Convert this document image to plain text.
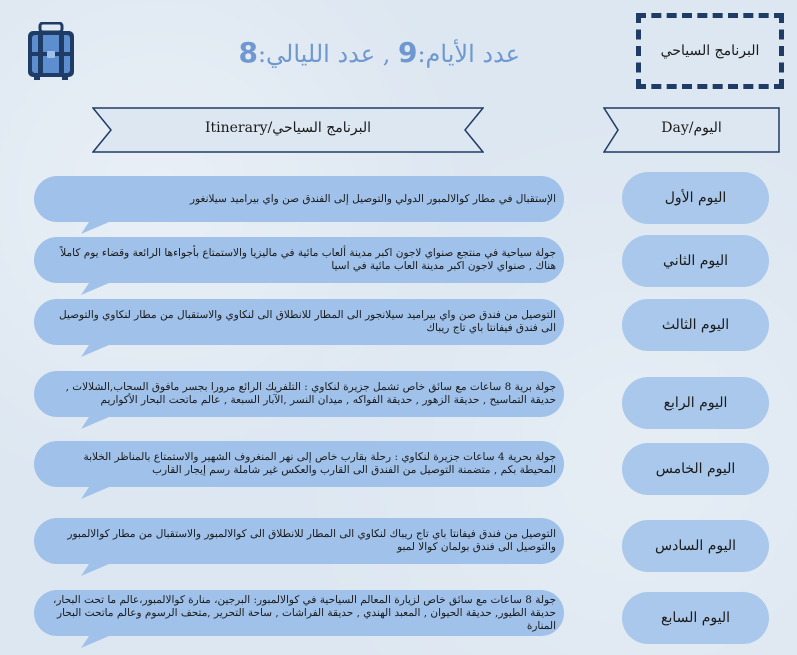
البرنامج السياحي
عدد الأيام:9 , عدد الليالي:8
Itinerary/البرنامج السياحي	Day/اليوم
الإستقبال في مطار كوالالمبور الدولي والتوصيل إلى الفندق صن واي بيراميد سيلانغور	اليوم الأول
جولة سياحية في منتجع صنواي لاجون اكبر مدينة ألعاب مائية في ماليزيا والاستمتاع بأجواءها الرائعة وقضاء يوم كاملاً هناك , صنواي لاجون اكبر مدينة العاب مائية في اسيا	اليوم الثاني
التوصيل من فندق صن واي بيراميد سيلانجور الى المطار للانطلاق الى لنكاوي والاستقبال من مطار لنكاوي والتوصيل الى فندق فيفانتا باي تاج ريباك	اليوم الثالث
جولة برية 8 ساعات مع سائق خاص تشمل جزيرة لنكاوي : التلفريك الرائع مرورا بجسر مافوق السحاب,الشلالات , حديقة التماسيح , حديقة الزهور , حديقة الفواكه , ميدان النسر ,الآبار السبعة , عالم ماتحت البحار الأكواريم	اليوم الرابع
جولة بحرية 4 ساعات جزيرة لنكاوي : رحلة بقارب خاص إلى نهر المنغروف الشهير والاستمتاع بالمناظر الخلابة المحيطة بكم , متضمنة التوصيل من الفندق الى القارب والعكس غير شاملة رسم إيجار القارب	اليوم الخامس
التوصيل من فندق فيفانتا باي تاج ريباك لنكاوي الى المطار للانطلاق الى كوالالمبور والاستقبال من مطار كوالالمبور والتوصيل الى فندق بولمان كوالا لمبو	اليوم السادس
جولة 8 ساعات مع سائق خاص لزيارة المعالم السياحية في كوالالمبور: البرجين، منارة كوالالمبور،عالم ما تحت البحار، حديقة الطيور, حديقة الحيوان , المعبد الهندي , حديقة الفراشات , ساحة التحرير ,متحف الرسوم وعالم ماتحت البحار المنارة	اليوم السابع
